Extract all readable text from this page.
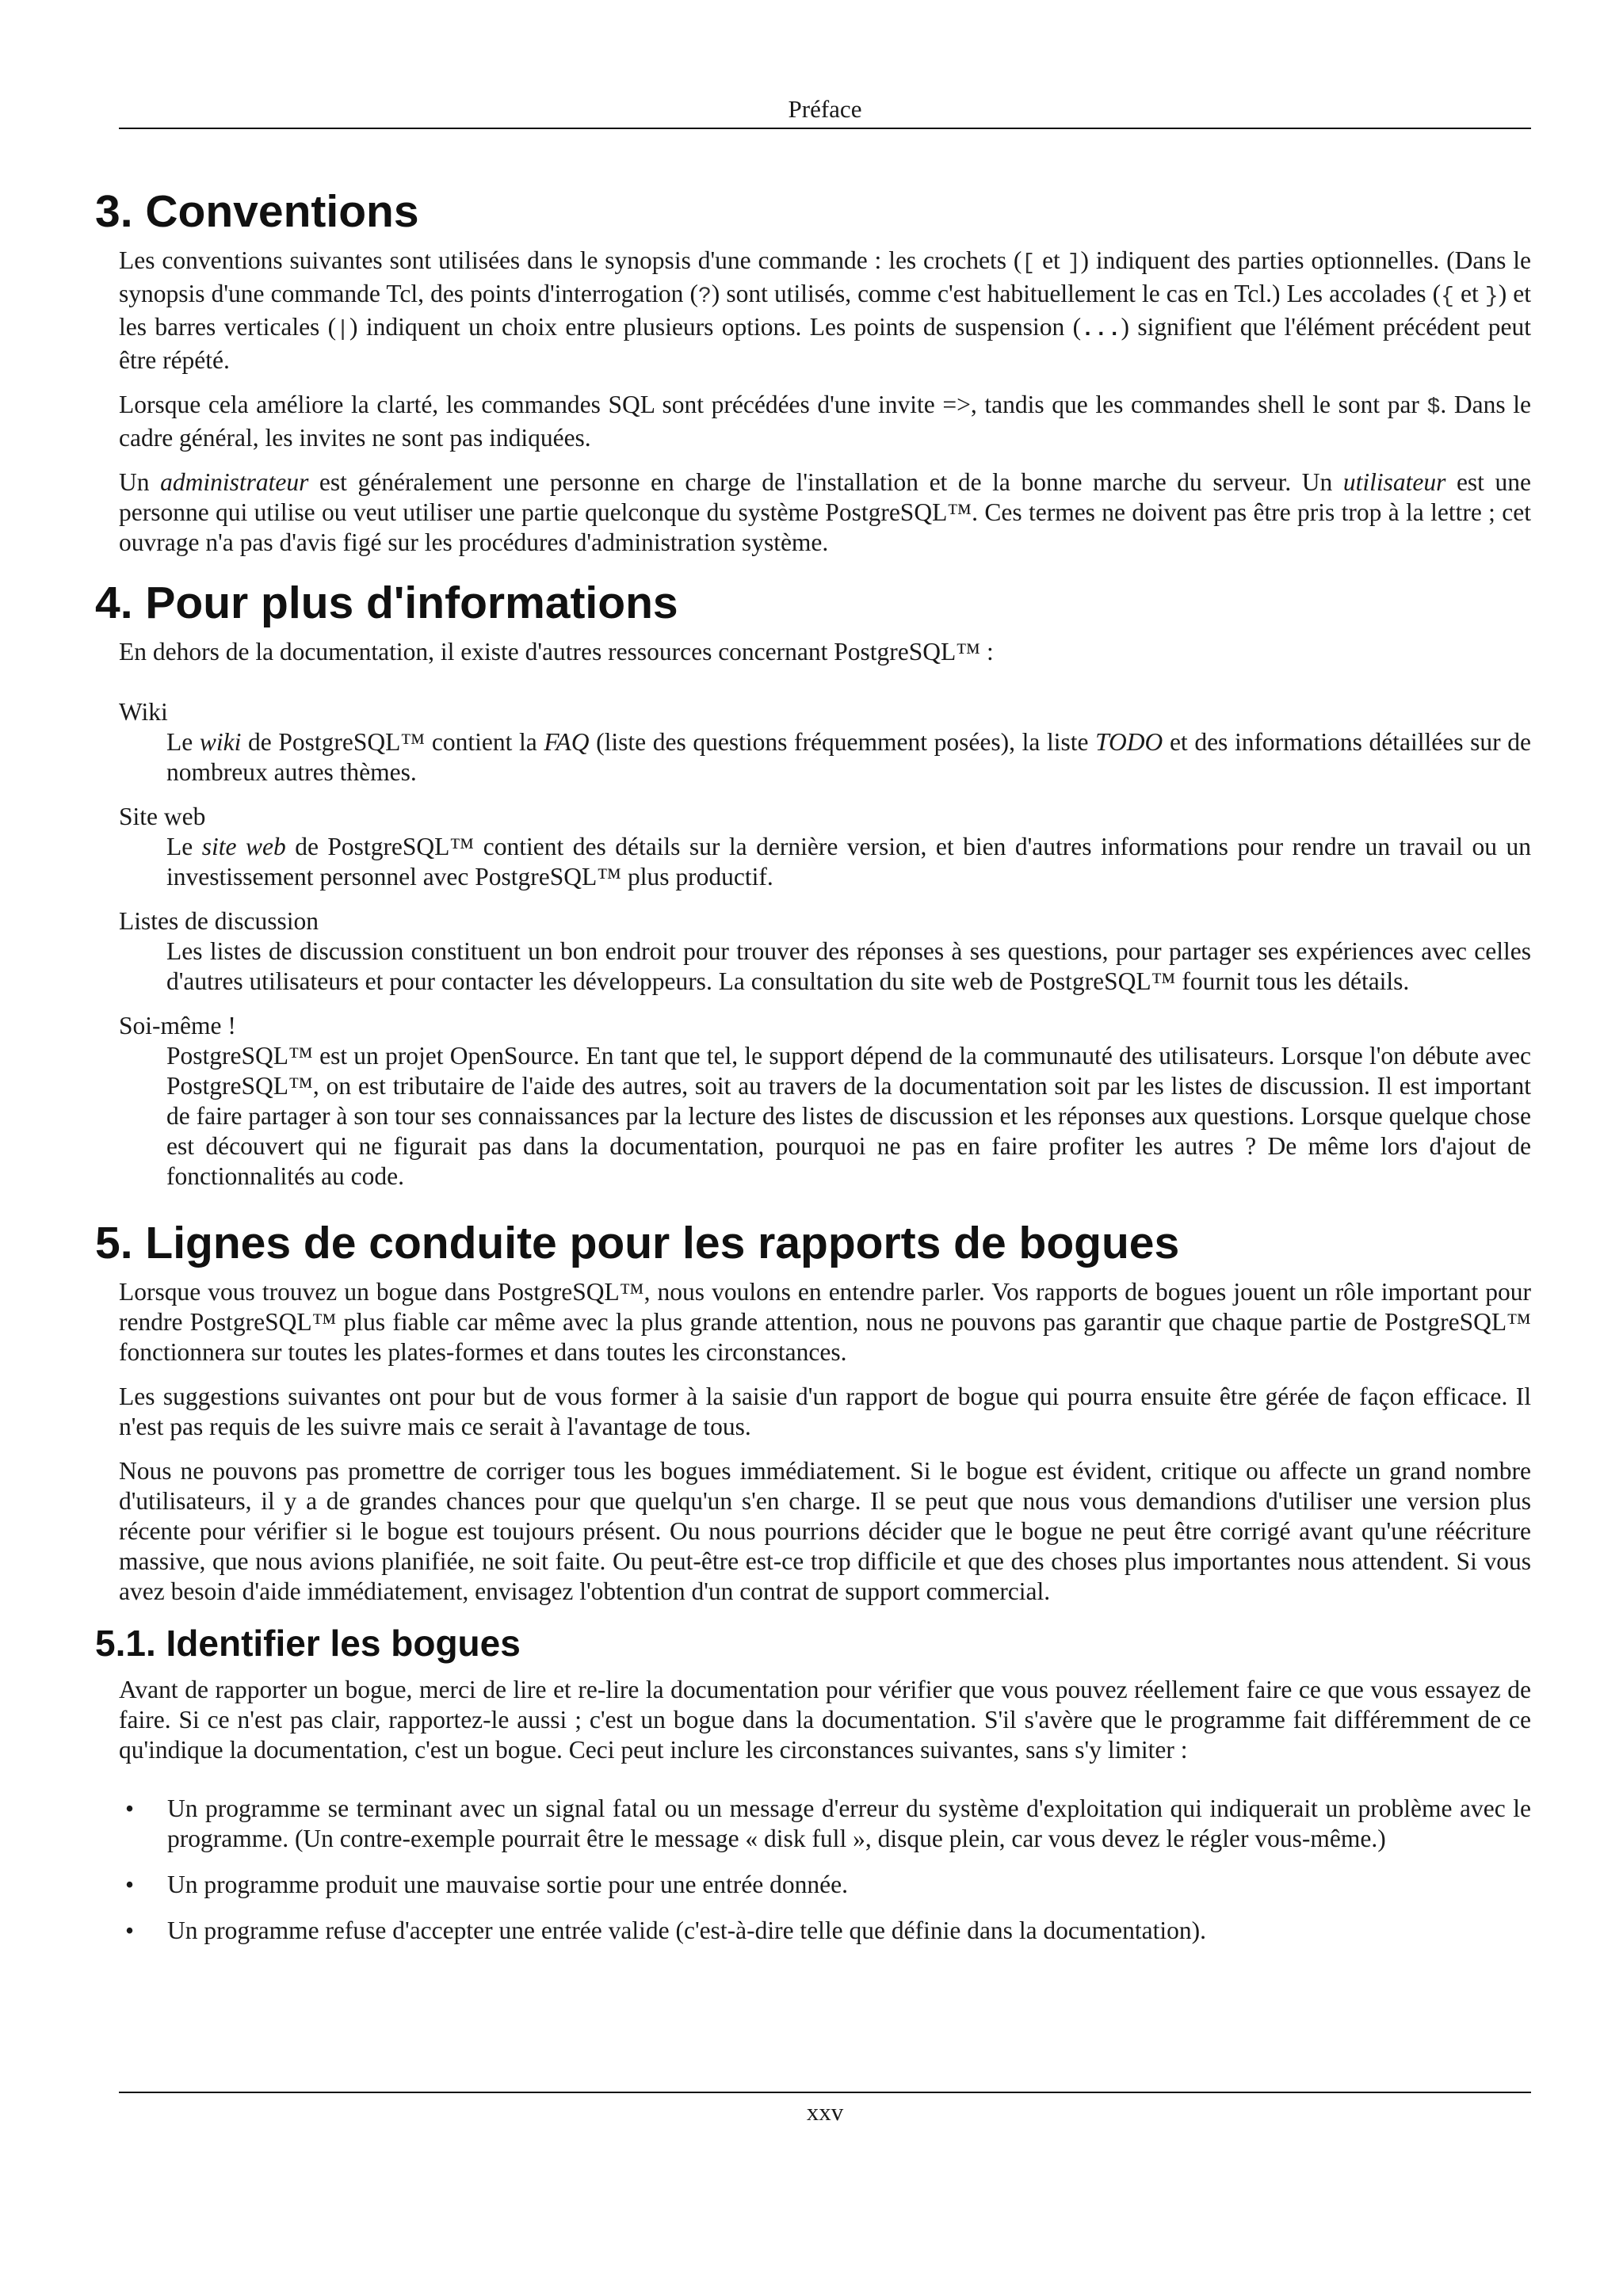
Préface
3. Conventions

Les conventions suivantes sont utilisées dans le synopsis d'une commande : les crochets ([ et ]) indiquent des parties optionnelles. (Dans le synopsis d'une commande Tcl, des points d'interrogation (?) sont utilisés, comme c'est habituellement le cas en Tcl.) Les accolades ({ et }) et les barres verticales (|) indiquent un choix entre plusieurs options. Les points de suspension (...) signifient que l'élément précédent peut être répété.

Lorsque cela améliore la clarté, les commandes SQL sont précédées d'une invite =>, tandis que les commandes shell le sont par $. Dans le cadre général, les invites ne sont pas indiquées.

Un administrateur est généralement une personne en charge de l'installation et de la bonne marche du serveur. Un utilisateur est une personne qui utilise ou veut utiliser une partie quelconque du système PostgreSQL™. Ces termes ne doivent pas être pris trop à la lettre ; cet ouvrage n'a pas d'avis figé sur les procédures d'administration système.

4. Pour plus d'informations

En dehors de la documentation, il existe d'autres ressources concernant PostgreSQL™ :

Wiki
Le wiki de PostgreSQL™ contient la FAQ (liste des questions fréquemment posées), la liste TODO et des informations détaillées sur de nombreux autres thèmes.
Site web
Le site web de PostgreSQL™ contient des détails sur la dernière version, et bien d'autres informations pour rendre un travail ou un investissement personnel avec PostgreSQL™ plus productif.
Listes de discussion
Les listes de discussion constituent un bon endroit pour trouver des réponses à ses questions, pour partager ses expériences avec celles d'autres utilisateurs et pour contacter les développeurs. La consultation du site web de PostgreSQL™ fournit tous les détails.
Soi-même !
PostgreSQL™ est un projet OpenSource. En tant que tel, le support dépend de la communauté des utilisateurs. Lorsque l'on débute avec PostgreSQL™, on est tributaire de l'aide des autres, soit au travers de la documentation soit par les listes de discussion. Il est important de faire partager à son tour ses connaissances par la lecture des listes de discussion et les réponses aux questions. Lorsque quelque chose est découvert qui ne figurait pas dans la documentation, pourquoi ne pas en faire profiter les autres ? De même lors d'ajout de fonctionnalités au code.
5. Lignes de conduite pour les rapports de bogues

Lorsque vous trouvez un bogue dans PostgreSQL™, nous voulons en entendre parler. Vos rapports de bogues jouent un rôle important pour rendre PostgreSQL™ plus fiable car même avec la plus grande attention, nous ne pouvons pas garantir que chaque partie de PostgreSQL™ fonctionnera sur toutes les plates-formes et dans toutes les circonstances.

Les suggestions suivantes ont pour but de vous former à la saisie d'un rapport de bogue qui pourra ensuite être gérée de façon efficace. Il n'est pas requis de les suivre mais ce serait à l'avantage de tous.

Nous ne pouvons pas promettre de corriger tous les bogues immédiatement. Si le bogue est évident, critique ou affecte un grand nombre d'utilisateurs, il y a de grandes chances pour que quelqu'un s'en charge. Il se peut que nous vous demandions d'utiliser une version plus récente pour vérifier si le bogue est toujours présent. Ou nous pourrions décider que le bogue ne peut être corrigé avant qu'une réécriture massive, que nous avions planifiée, ne soit faite. Ou peut-être est-ce trop difficile et que des choses plus importantes nous attendent. Si vous avez besoin d'aide immédiatement, envisagez l'obtention d'un contrat de support commercial.

5.1. Identifier les bogues

Avant de rapporter un bogue, merci de lire et re-lire la documentation pour vérifier que vous pouvez réellement faire ce que vous essayez de faire. Si ce n'est pas clair, rapportez-le aussi ; c'est un bogue dans la documentation. S'il s'avère que le programme fait différemment de ce qu'indique la documentation, c'est un bogue. Ceci peut inclure les circonstances suivantes, sans s'y limiter :

• Un programme se terminant avec un signal fatal ou un message d'erreur du système d'exploitation qui indiquerait un problème avec le programme. (Un contre-exemple pourrait être le message « disk full », disque plein, car vous devez le régler vous-même.)
• Un programme produit une mauvaise sortie pour une entrée donnée.
• Un programme refuse d'accepter une entrée valide (c'est-à-dire telle que définie dans la documentation).
xxv
